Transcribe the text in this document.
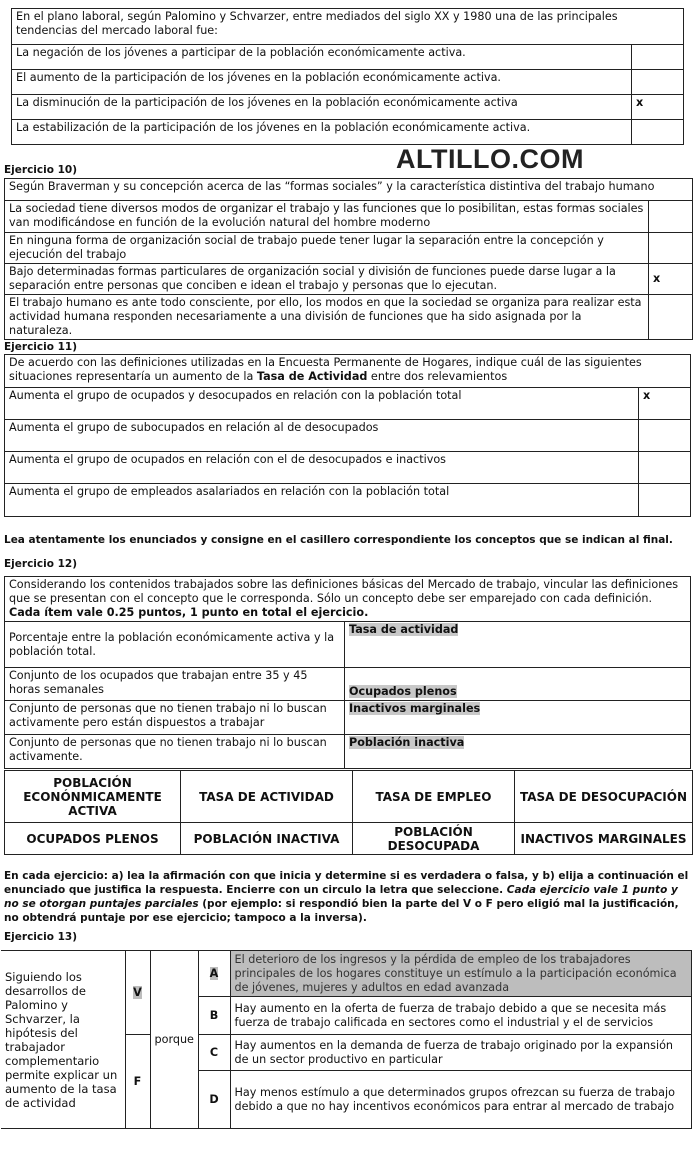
En el plano laboral, según Palomino y Schvarzer, entre mediados del siglo XX y 1980 una de las principales tendencias del mercado laboral fue:	
La negación de los jóvenes a participar de la población económicamente activa.	
El aumento de la participación de los jóvenes en la población económicamente activa.	
La disminución de la participación de los jóvenes en la población económicamente activa	x
La estabilización de la participación de los jóvenes en la población económicamente activa.	
Ejercicio 10)	ALTILLO.COM
Según Braverman y su concepción acerca de las “formas sociales” y la característica distintiva del trabajo humano	
La sociedad tiene diversos modos de organizar el trabajo y las funciones que lo posibilitan, estas formas sociales van modificándose en función de la evolución natural del hombre moderno	
En ninguna forma de organización social de trabajo puede tener lugar la separación entre la concepción y ejecución del trabajo	
Bajo determinadas formas particulares de organización social y división de funciones puede darse lugar a la separación entre personas que conciben e idean el trabajo y personas que lo ejecutan.	x
El trabajo humano es ante todo consciente, por ello, los modos en que la sociedad se organiza para realizar esta actividad humana responden necesariamente a una división de funciones que ha sido asignada por la naturaleza.	
Ejercicio 11)
De acuerdo con las definiciones utilizadas en la Encuesta Permanente de Hogares, indique cuál de las siguientes situaciones representaría un aumento de la Tasa de Actividad entre dos relevamientos	
Aumenta el grupo de ocupados y desocupados en relación con la población total	x
Aumenta el grupo de subocupados en relación al de desocupados	
Aumenta el grupo de ocupados en relación con el de desocupados e inactivos	
Aumenta el grupo de empleados asalariados en relación con la población total	
Lea atentamente los enunciados y consigne en el casillero correspondiente los conceptos que se indican al final.
Ejercicio 12)
Considerando los contenidos trabajados sobre las definiciones básicas del Mercado de trabajo, vincular las definiciones que se presentan con el concepto que le corresponda. Sólo un concepto debe ser emparejado con cada definición. Cada ítem vale 0.25 puntos, 1 punto en total el ejercicio.	
Porcentaje entre la población económicamente activa y la población total.	Tasa de actividad
Conjunto de los ocupados que trabajan entre 35 y 45 horas semanales	Ocupados plenos
Conjunto de personas que no tienen trabajo ni lo buscan activamente pero están dispuestos a trabajar	Inactivos marginales
Conjunto de personas que no tienen trabajo ni lo buscan activamente.	Población inactiva
POBLACIÓN ECONÓNMICAMENTE ACTIVA	TASA DE ACTIVIDAD	TASA DE EMPLEO	TASA DE DESOCUPACIÓN
OCUPADOS PLENOS	POBLACIÓN INACTIVA	POBLACIÓN DESOCUPADA	INACTIVOS MARGINALES
En cada ejercicio: a) lea la afirmación con que inicia y determine si es verdadera o falsa, y b) elija a continuación el enunciado que justifica la respuesta. Encierre con un circulo la letra que seleccione. Cada ejercicio vale 1 punto y no se otorgan puntajes parciales (por ejemplo: si respondió bien la parte del V o F pero eligió mal la justificación, no obtendrá puntaje por ese ejercicio; tampoco a la inversa).
Ejercicio 13)
Siguiendo los desarrollos de Palomino y Schvarzer, la hipótesis del trabajador complementario permite explicar un aumento de la tasa de actividad	V	porque	A	El deterioro de los ingresos y la pérdida de empleo de los trabajadores principales de los hogares constituye un estímulo a la participación económica de jóvenes, mujeres y adultos en edad avanzada
			B	Hay aumento en la oferta de fuerza de trabajo debido a que se necesita más fuerza de trabajo calificada en sectores como el industrial y el de servicios
	F		C	Hay aumentos en la demanda de fuerza de trabajo originado por la expansión de un sector productivo en particular
			D	Hay menos estímulo a que determinados grupos ofrezcan su fuerza de trabajo debido a que no hay incentivos económicos para entrar al mercado de trabajo
